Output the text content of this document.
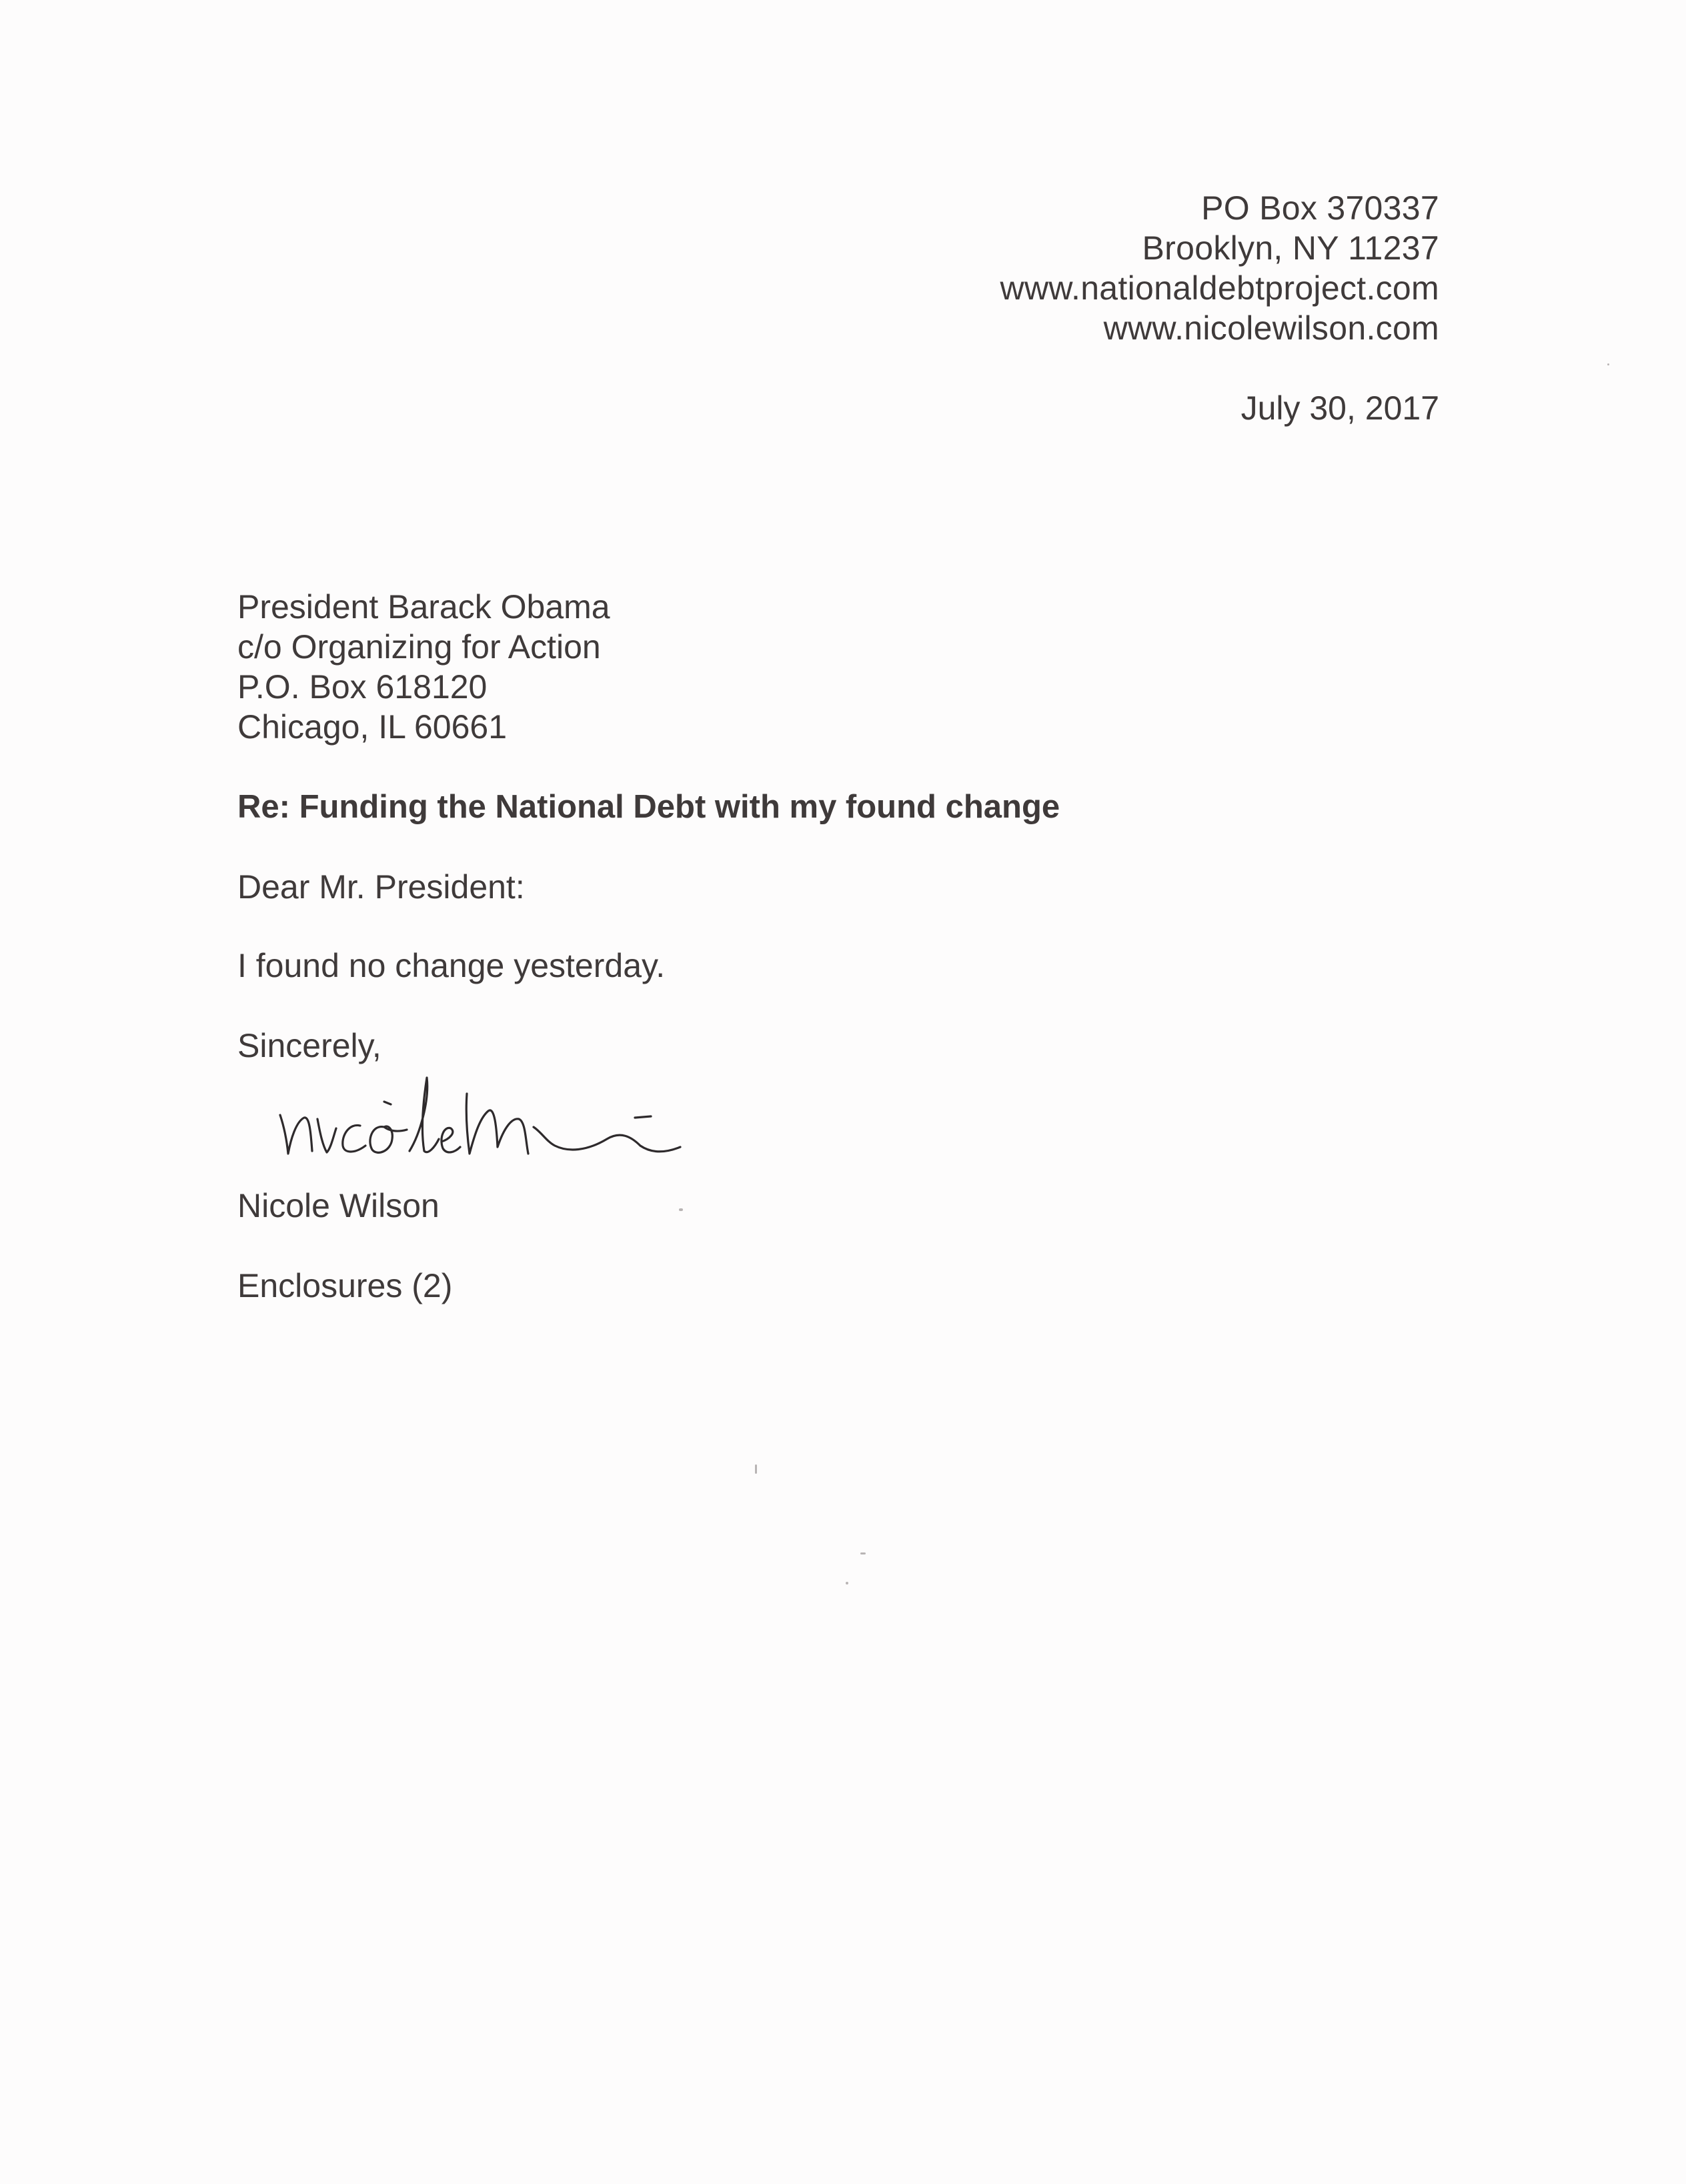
PO Box 370337
Brooklyn, NY 11237
www.nationaldebtproject.com
www.nicolewilson.com
July 30, 2017
President Barack Obama
c/o Organizing for Action
P.O. Box 618120
Chicago, IL 60661
Re: Funding the National Debt with my found change
Dear Mr. President:
I found no change yesterday.
Sincerely,
Nicole Wilson
Enclosures (2)
